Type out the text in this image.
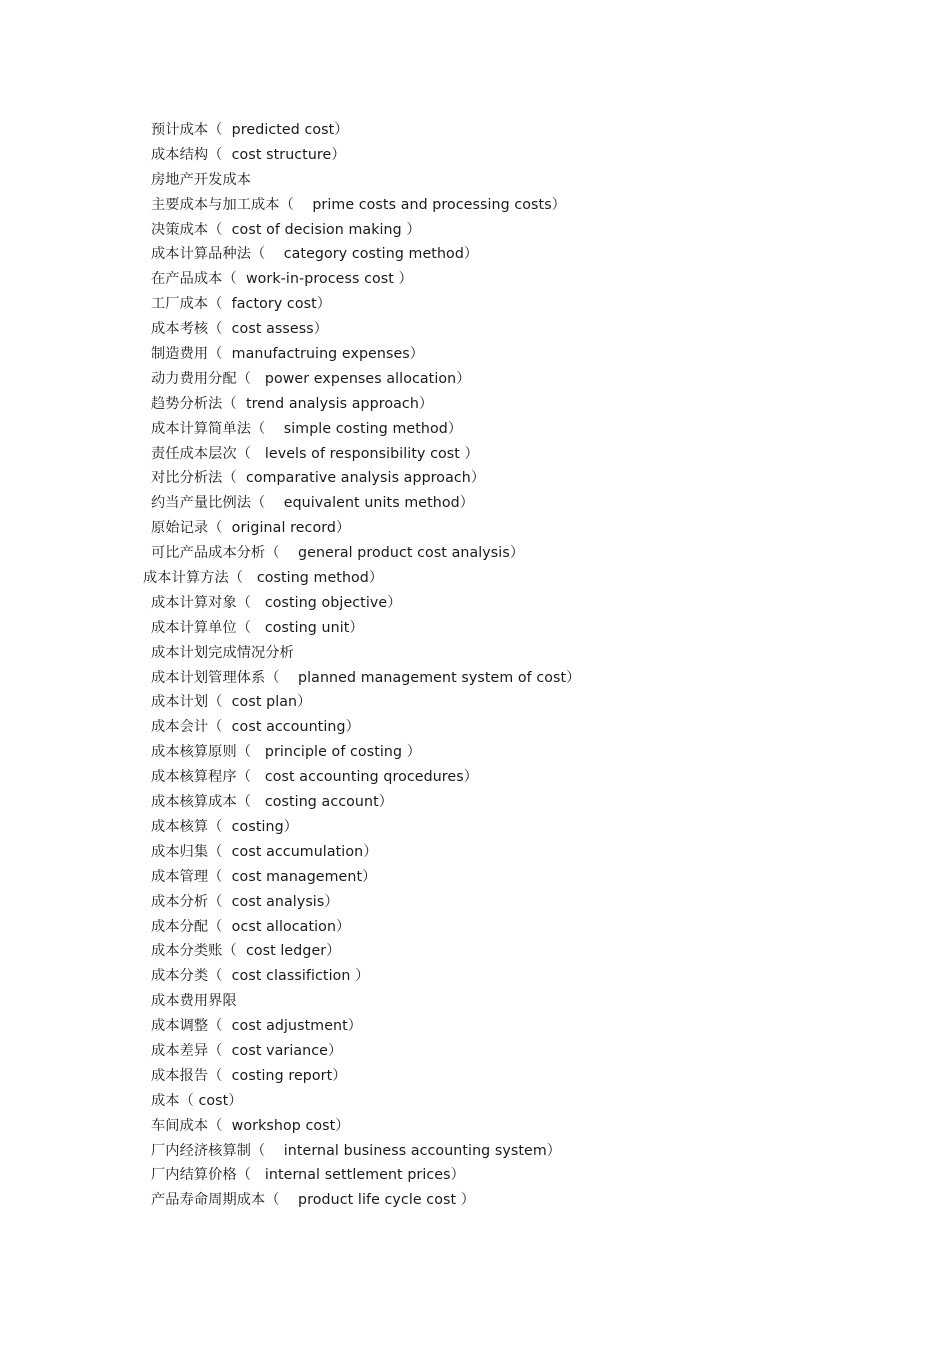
预计成本（  predicted cost）
成本结构（  cost structure）
房地产开发成本
主要成本与加工成本（    prime costs and processing costs）
决策成本（  cost of decision making ）
成本计算品种法（    category costing method）
在产品成本（  work-in-process cost ）
工厂成本（  factory cost）
成本考核（  cost assess）
制造费用（  manufactruing expenses）
动力费用分配（   power expenses allocation）
趋势分析法（  trend analysis approach）
成本计算简单法（    simple costing method）
责任成本层次（   levels of responsibility cost ）
对比分析法（  comparative analysis approach）
约当产量比例法（    equivalent units method）
原始记录（  original record）
可比产品成本分析（    general product cost analysis）
成本计算方法（   costing method）
成本计算对象（   costing objective）
成本计算单位（   costing unit）
成本计划完成情况分析
成本计划管理体系（    planned management system of cost）
成本计划（  cost plan）
成本会计（  cost accounting）
成本核算原则（   principle of costing ）
成本核算程序（   cost accounting qrocedures）
成本核算成本（   costing account）
成本核算（  costing）
成本归集（  cost accumulation）
成本管理（  cost management）
成本分析（  cost analysis）
成本分配（  ocst allocation）
成本分类账（  cost ledger）
成本分类（  cost classifiction ）
成本费用界限
成本调整（  cost adjustment）
成本差异（  cost variance）
成本报告（  costing report）
成本（ cost）
车间成本（  workshop cost）
厂内经济核算制（    internal business accounting system）
厂内结算价格（   internal settlement prices）
产品寿命周期成本（    product life cycle cost ）
